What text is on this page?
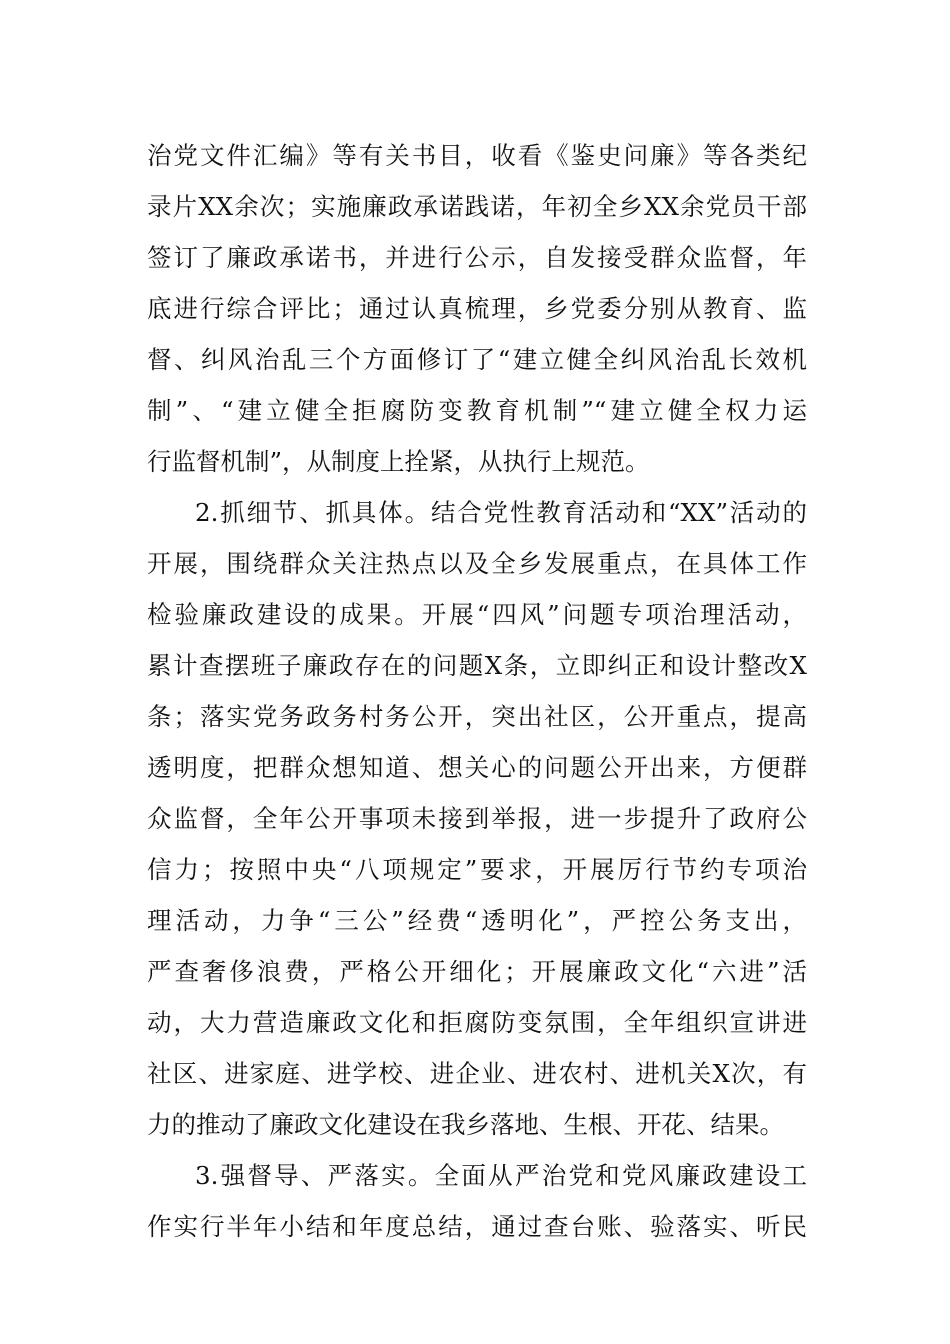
治党文件汇编》等有关书目，收看《鉴史问廉》等各类纪
录片XX余次；实施廉政承诺践诺，年初全乡XX余党员干部
签订了廉政承诺书，并进行公示，自发接受群众监督，年
底进行综合评比；通过认真梳理，乡党委分别从教育、监
督、纠风治乱三个方面修订了“建立健全纠风治乱长效机
制”、“建立健全拒腐防变教育机制”“建立健全权力运
行监督机制”，从制度上拴紧，从执行上规范。
2.抓细节、抓具体。结合党性教育活动和“XX”活动的
开展，围绕群众关注热点以及全乡发展重点，在具体工作
检验廉政建设的成果。开展“四风”问题专项治理活动，
累计查摆班子廉政存在的问题X条，立即纠正和设计整改X
条；落实党务政务村务公开，突出社区，公开重点，提高
透明度，把群众想知道、想关心的问题公开出来，方便群
众监督，全年公开事项未接到举报，进一步提升了政府公
信力；按照中央“八项规定”要求，开展厉行节约专项治
理活动，力争“三公”经费“透明化”，严控公务支出，
严查奢侈浪费，严格公开细化；开展廉政文化“六进”活
动，大力营造廉政文化和拒腐防变氛围，全年组织宣讲进
社区、进家庭、进学校、进企业、进农村、进机关X次，有
力的推动了廉政文化建设在我乡落地、生根、开花、结果。
3.强督导、严落实。全面从严治党和党风廉政建设工
作实行半年小结和年度总结，通过查台账、验落实、听民
